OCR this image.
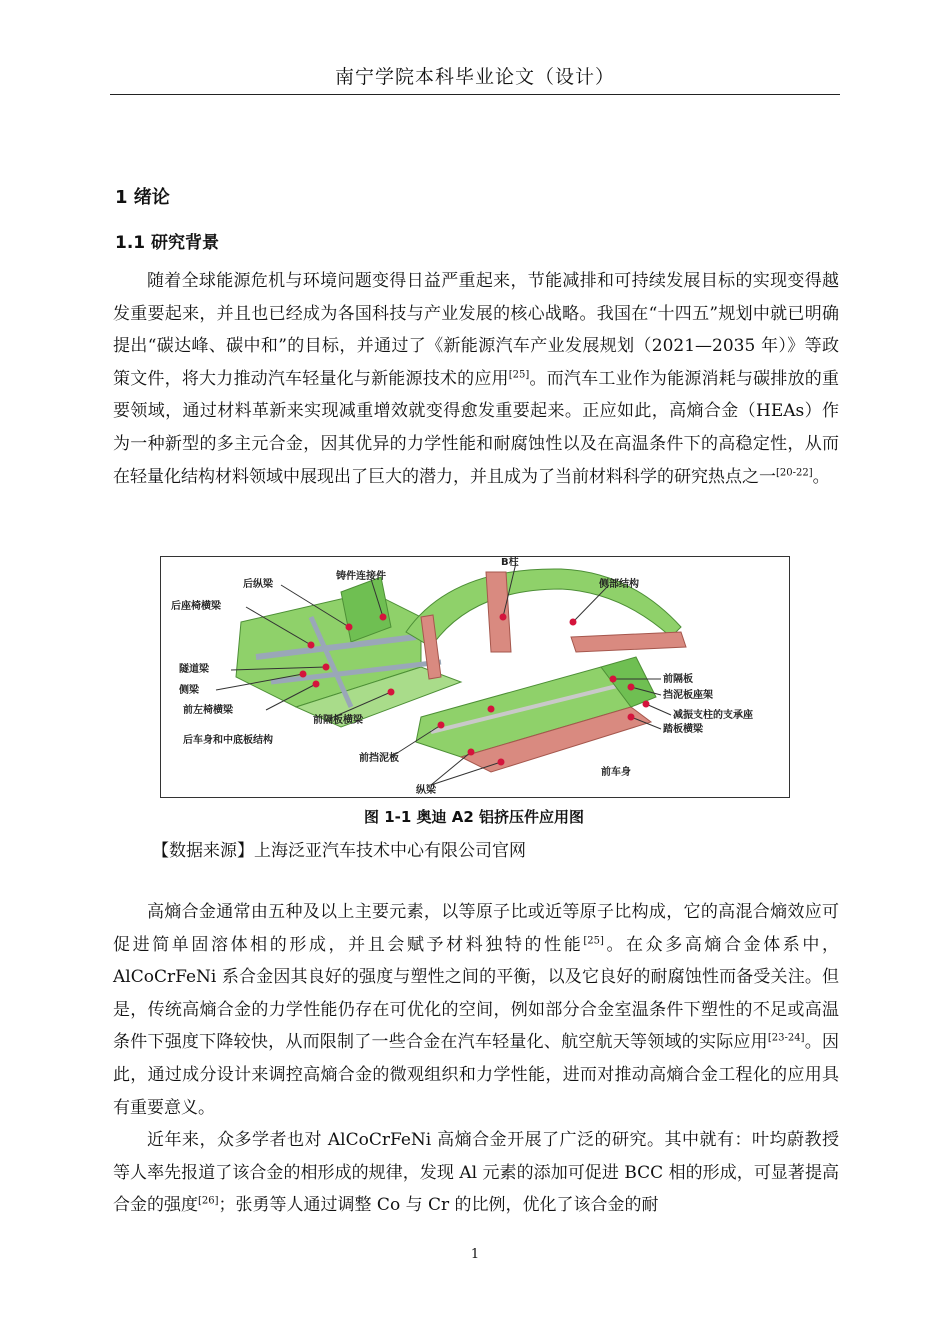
南宁学院本科毕业论文（设计）
1 绪论
1.1 研究背景

随着全球能源危机与环境问题变得日益严重起来，节能减排和可持续发展目标的实现变得越发重要起来，并且也已经成为各国科技与产业发展的核心战略。我国在“十四五”规划中就已明确提出“碳达峰、碳中和”的目标，并通过了《新能源汽车产业发展规划（2021—2035 年）》等政策文件，将大力推动汽车轻量化与新能源技术的应用[25]。而汽车工业作为能源消耗与碳排放的重要领域，通过材料革新来实现减重增效就变得愈发重要起来。正应如此，高熵合金（HEAs）作为一种新型的多主元合金，因其优异的力学性能和耐腐蚀性以及在高温条件下的高稳定性，从而在轻量化结构材料领域中展现出了巨大的潜力，并且成为了当前材料科学的研究热点之一[20-22]。

后纵梁
铸件连接件
B柱
侧部结构
后座椅横梁
隧道梁
侧梁
前左椅横梁
后车身和中底板结构
前隔板横梁
前隔板
挡泥板座架
减振支柱的支承座
踏板横梁
前挡泥板
纵梁
前车身
图 1-1 奥迪 A2 铝挤压件应用图
【数据来源】上海泛亚汽车技术中心有限公司官网

高熵合金通常由五种及以上主要元素，以等原子比或近等原子比构成，它的高混合熵效应可促进简单固溶体相的形成，并且会赋予材料独特的性能[25]。在众多高熵合金体系中，AlCoCrFeNi 系合金因其良好的强度与塑性之间的平衡，以及它良好的耐腐蚀性而备受关注。但是，传统高熵合金的力学性能仍存在可优化的空间，例如部分合金室温条件下塑性的不足或高温条件下强度下降较快，从而限制了一些合金在汽车轻量化、航空航天等领域的实际应用[23-24]。因此，通过成分设计来调控高熵合金的微观组织和力学性能，进而对推动高熵合金工程化的应用具有重要意义。

近年来，众多学者也对 AlCoCrFeNi 高熵合金开展了广泛的研究。其中就有：叶均蔚教授等人率先报道了该合金的相形成的规律，发现 Al 元素的添加可促进 BCC 相的形成，可显著提高合金的强度[26]；张勇等人通过调整 Co 与 Cr 的比例，优化了该合金的耐

1
